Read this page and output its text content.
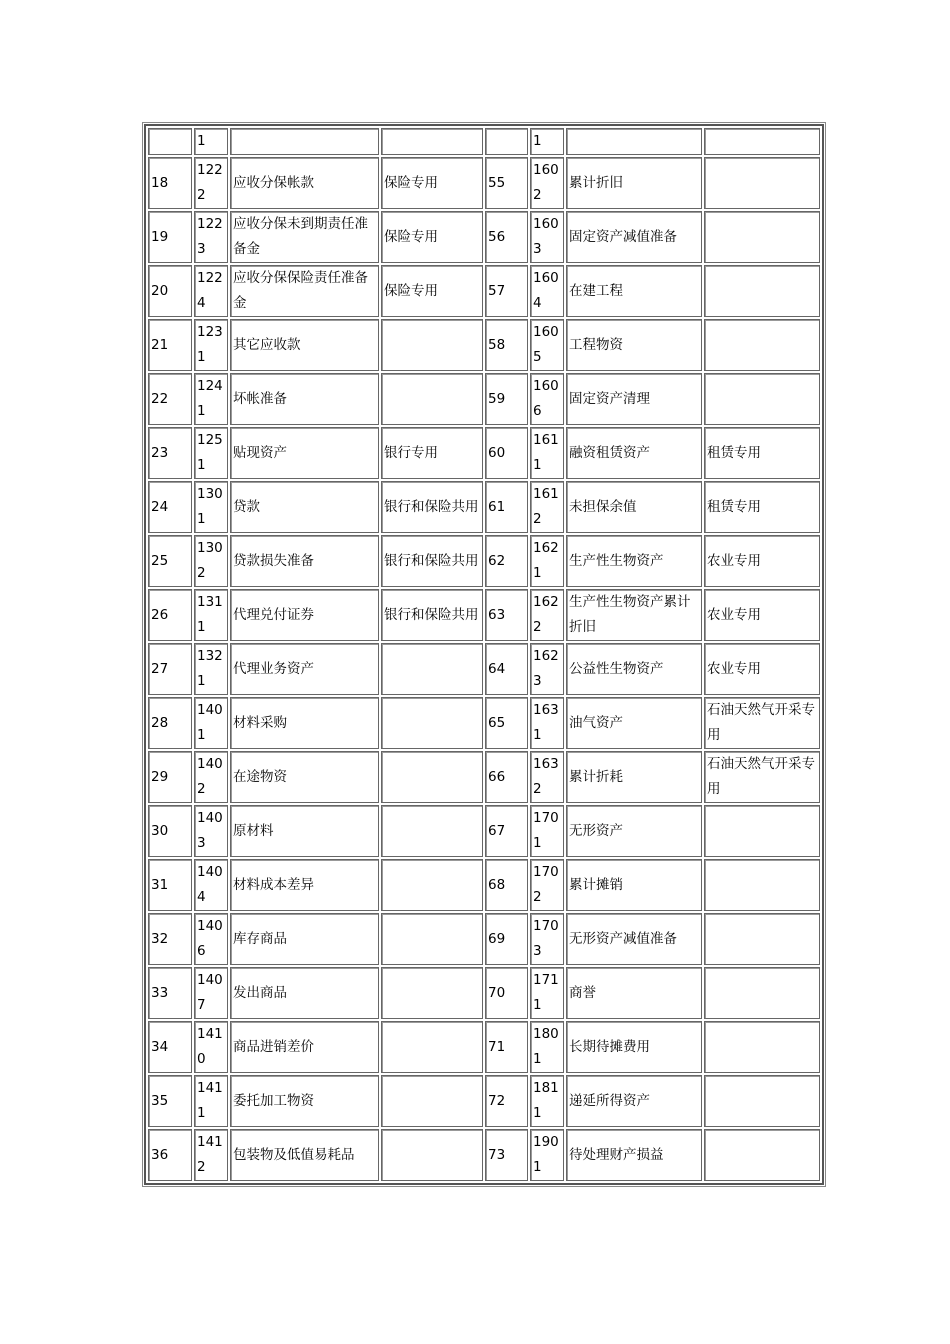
	1				1		
18	1222	应收分保帐款	保险专用	55	1602	累计折旧	
19	1223	应收分保未到期责任准备金	保险专用	56	1603	固定资产减值准备	
20	1224	应收分保保险责任准备金	保险专用	57	1604	在建工程	
21	1231	其它应收款		58	1605	工程物资	
22	1241	坏帐准备		59	1606	固定资产清理	
23	1251	贴现资产	银行专用	60	1611	融资租赁资产	租赁专用
24	1301	贷款	银行和保险共用	61	1612	未担保余值	租赁专用
25	1302	贷款损失准备	银行和保险共用	62	1621	生产性生物资产	农业专用
26	1311	代理兑付证券	银行和保险共用	63	1622	生产性生物资产累计折旧	农业专用
27	1321	代理业务资产		64	1623	公益性生物资产	农业专用
28	1401	材料采购		65	1631	油气资产	石油天然气开采专用
29	1402	在途物资		66	1632	累计折耗	石油天然气开采专用
30	1403	原材料		67	1701	无形资产	
31	1404	材料成本差异		68	1702	累计摊销	
32	1406	库存商品		69	1703	无形资产减值准备	
33	1407	发出商品		70	1711	商誉	
34	1410	商品进销差价		71	1801	长期待摊费用	
35	1411	委托加工物资		72	1811	递延所得资产	
36	1412	包装物及低值易耗品		73	1901	待处理财产损益	
